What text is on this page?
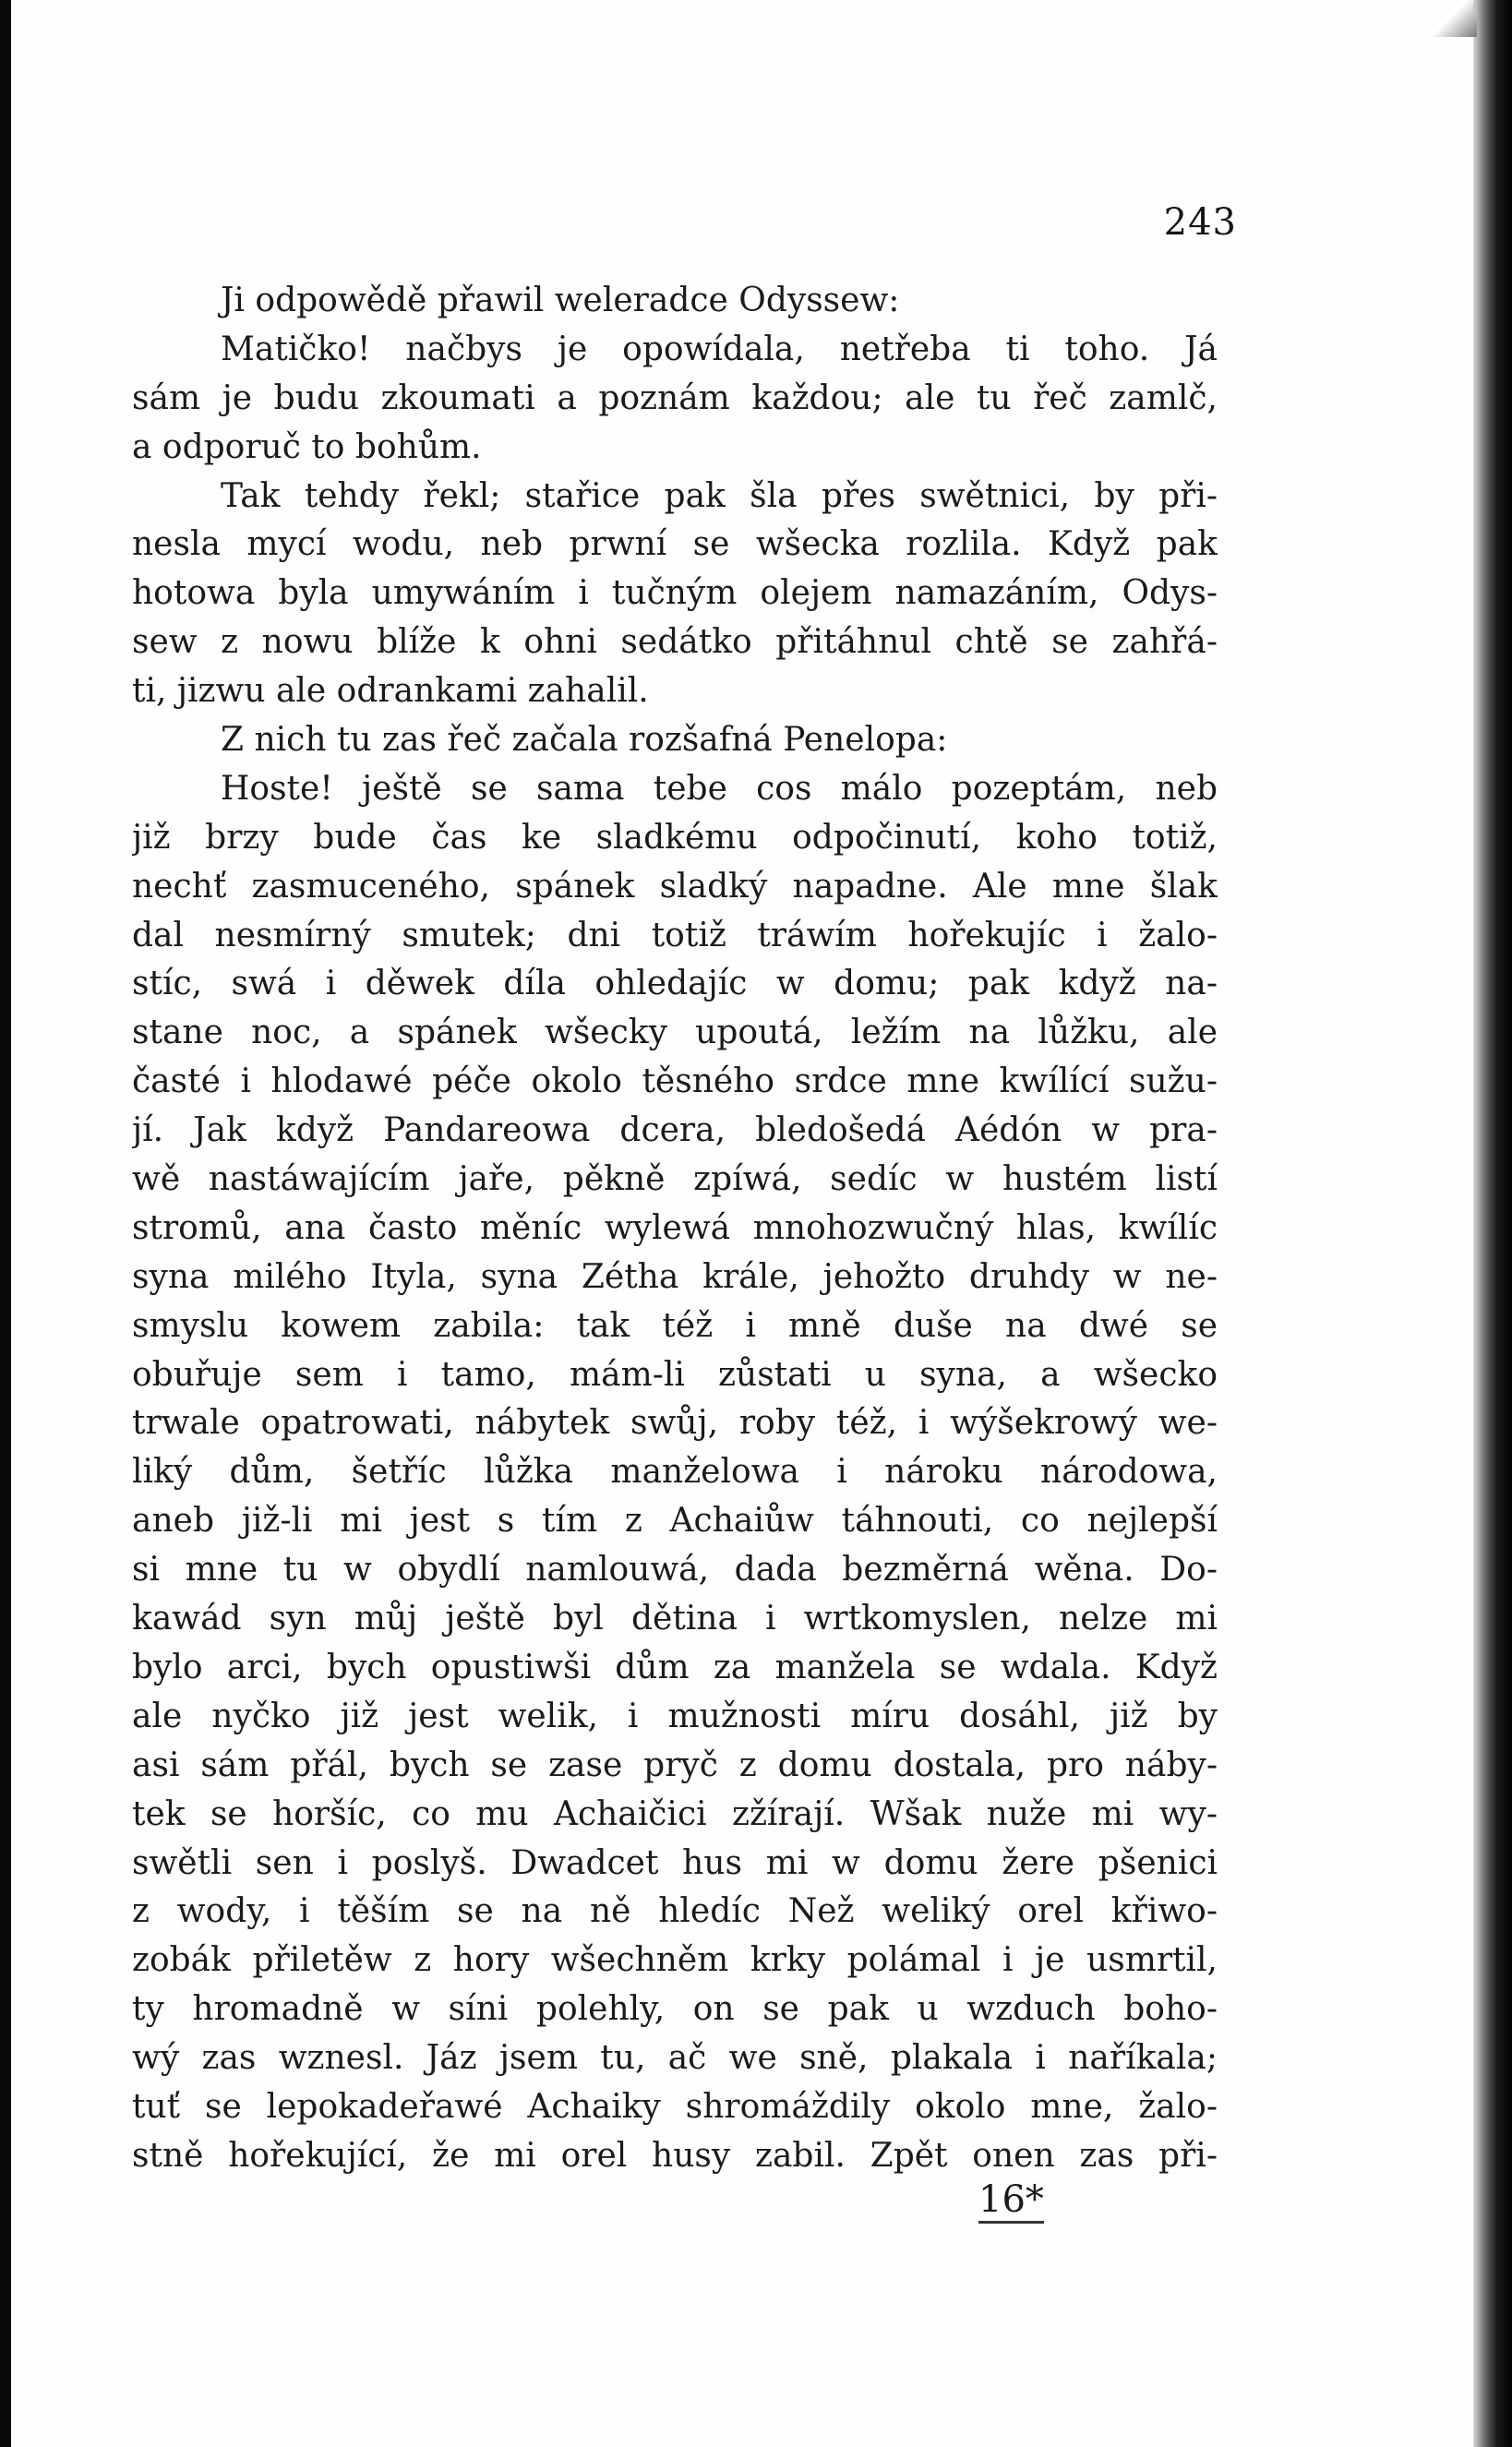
243
Ji odpowědě přawil weleradce Odyssew:
Matičko! načbys je opowídala, netřeba ti toho. Já
sám je budu zkoumati a poznám každou; ale tu řeč zamlč,
a odporuč to bohům.
Tak tehdy řekl; stařice pak šla přes swětnici, by při-
nesla mycí wodu, neb prwní se wšecka rozlila. Když pak
hotowa byla umywáním i tučným olejem namazáním, Odys-
sew z nowu blíže k ohni sedátko přitáhnul chtě se zahřá-
ti, jizwu ale odrankami zahalil.
Z nich tu zas řeč začala rozšafná Penelopa:
Hoste! ještě se sama tebe cos málo pozeptám, neb
již brzy bude čas ke sladkému odpočinutí, koho totiž,
nechť zasmuceného, spánek sladký napadne. Ale mne šlak
dal nesmírný smutek; dni totiž tráwím hořekujíc i žalo-
stíc, swá i děwek díla ohledajíc w domu; pak když na-
stane noc, a spánek wšecky upoutá, ležím na lůžku, ale
časté i hlodawé péče okolo těsného srdce mne kwílící sužu-
jí. Jak když Pandareowa dcera, bledošedá Aédón w pra-
wě nastáwajícím jaře, pěkně zpíwá, sedíc w hustém listí
stromů, ana často měníc wylewá mnohozwučný hlas, kwílíc
syna milého Ityla, syna Zétha krále, jehožto druhdy w ne-
smyslu kowem zabila: tak též i mně duše na dwé se
obuřuje sem i tamo, mám-li zůstati u syna, a wšecko
trwale opatrowati, nábytek swůj, roby též, i wýšekrowý we-
liký dům, šetříc lůžka manželowa i nároku národowa,
aneb již-li mi jest s tím z Achaiůw táhnouti, co nejlepší
si mne tu w obydlí namlouwá, dada bezměrná wěna. Do-
kawád syn můj ještě byl dětina i wrtkomyslen, nelze mi
bylo arci, bych opustiwši dům za manžela se wdala. Když
ale nyčko již jest welik, i mužnosti míru dosáhl, již by
asi sám přál, bych se zase pryč z domu dostala, pro náby-
tek se horšíc, co mu Achaičici zžírají. Wšak nuže mi wy-
swětli sen i poslyš. Dwadcet hus mi w domu žere pšenici
z wody, i těším se na ně hledíc Než weliký orel křiwo-
zobák přiletěw z hory wšechněm krky polámal i je usmrtil,
ty hromadně w síni polehly, on se pak u wzduch boho-
wý zas wznesl. Jáz jsem tu, ač we sně, plakala i naříkala;
tuť se lepokadeřawé Achaiky shromáždily okolo mne, žalo-
stně hořekující, že mi orel husy zabil. Zpět onen zas při-
16*
